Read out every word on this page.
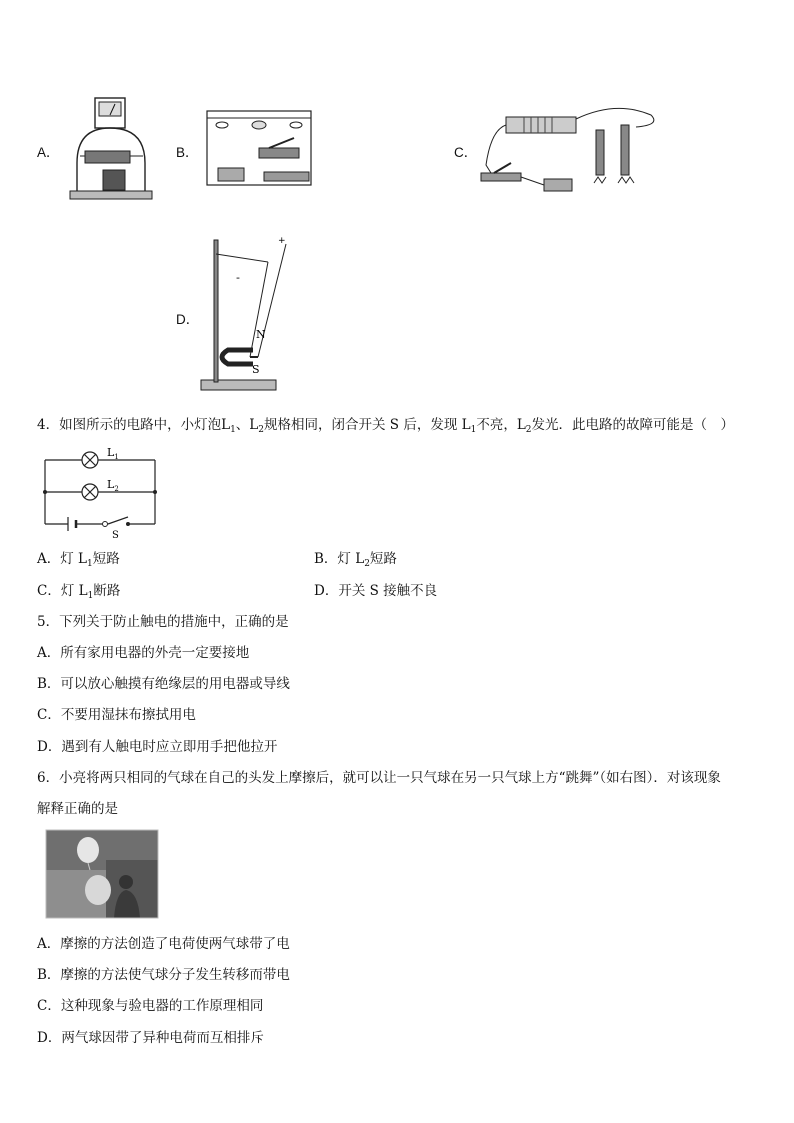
A．	B．	C．
D．
+
-
N
S
4．如图所示的电路中，小灯泡$L_1$、$L_2$规格相同，闭合开关 S 后，发现 $L_1$不亮，$L_2$发光．此电路的故障可能是（　）
$L_1$
$L_2$
S
A．灯 $L_1$短路	B．灯 $L_2$短路
C．灯 $L_1$断路	D．开关 S 接触不良
5．下列关于防止触电的措施中，正确的是
A．所有家用电器的外壳一定要接地
B．可以放心触摸有绝缘层的用电器或导线
C．不要用湿抹布擦拭用电
D．遇到有人触电时应立即用手把他拉开
6．小亮将两只相同的气球在自己的头发上摩擦后，就可以让一只气球在另一只气球上方“跳舞”（如右图）．对该现象
解释正确的是
A．摩擦的方法创造了电荷使两气球带了电
B．摩擦的方法使气球分子发生转移而带电
C．这种现象与验电器的工作原理相同
D．两气球因带了异种电荷而互相排斥
